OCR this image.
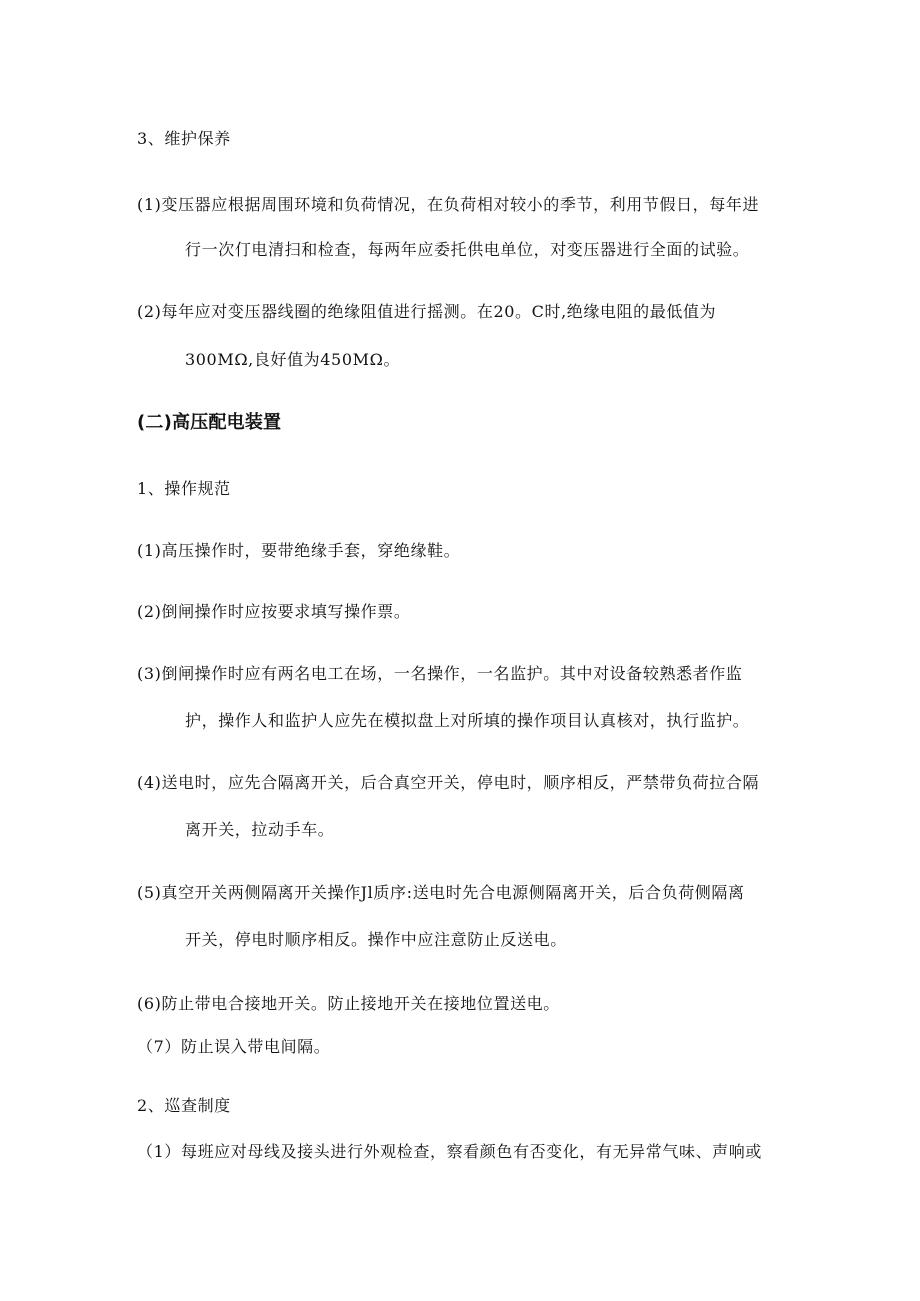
3、维护保养
(1)变压器应根据周围环境和负荷情况，在负荷相对较小的季节，利用节假日，每年进
行一次仃电清扫和检查，每两年应委托供电单位，对变压器进行全面的试验。
(2)每年应对变压器线圈的绝缘阻值进行摇测。在20。C时,绝缘电阻的最低值为
300MΩ,良好值为450MΩ。
(二)高压配电装置
1、操作规范
(1)高压操作时，要带绝缘手套，穿绝缘鞋。
(2)倒闸操作时应按要求填写操作票。
(3)倒闸操作时应有两名电工在场，一名操作，一名监护。其中对设备较熟悉者作监
护，操作人和监护人应先在模拟盘上对所填的操作项目认真核对，执行监护。
(4)送电时，应先合隔离开关，后合真空开关，停电时，顺序相反，严禁带负荷拉合隔
离开关，拉动手车。
(5)真空开关两侧隔离开关操作Jl质序:送电时先合电源侧隔离开关，后合负荷侧隔离
开关，停电时顺序相反。操作中应注意防止反送电。
(6)防止带电合接地开关。防止接地开关在接地位置送电。
（7）防止误入带电间隔。
2、巡查制度
（1）每班应对母线及接头进行外观检查，察看颜色有否变化，有无异常气味、声响或
